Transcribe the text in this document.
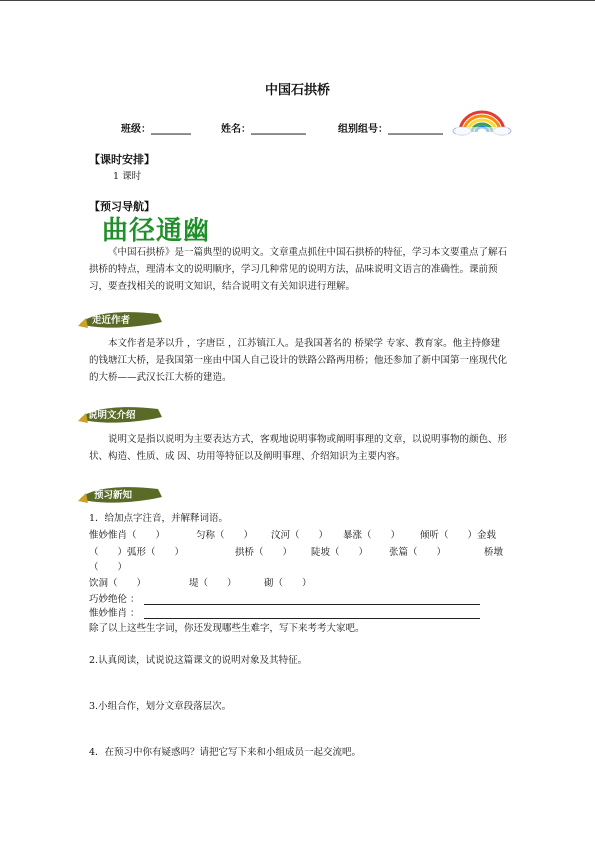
中国石拱桥
班级：________	姓名：___________	组别组号：___________
【课时安排】
1 课时
【预习导航】
曲径通幽
《中国石拱桥》是一篇典型的说明文。文章重点抓住中国石拱桥的特征，学习本文要重点了解石拱桥的特点，理清本文的说明顺序，学习几种常见的说明方法，品味说明文语言的准确性。课前预习，要查找相关的说明文知识，结合说明文有关知识进行理解。
走近作者
本文作者是茅以升 ，字唐臣 ，江苏镇江人。是我国著名的 桥梁学 专家、教育家。他主持修建的钱塘江大桥，是我国第一座由中国人自己设计的铁路公路两用桥；他还参加了新中国第一座现代化的大桥——武汉长江大桥的建造。
说明文介绍
说明文是指以说明为主要表达方式，客观地说明事物或阐明事理的文章，以说明事物的颜色、形状、构造、性质、成 因、功用等特征以及阐明事理、介绍知识为主要内容。
预习新知
1．给加点字注音，并解释词语。
惟妙惟肖（　　）	匀称（　　） 汶河（　　） 暴涨（　　） 倾听（　　）金载
（　　）弧形（　　）	拱桥（　　） 陡坡（　　） 张篇（　　）	桥墩
（　　）
饮洞（　　）	堤（　　）	砌（　　）
巧妙绝伦 ：
惟妙惟肖 ：
除了以上这些生字词，你还发现哪些生难字，写下来考考大家吧。
2.认真阅读，试说说这篇课文的说明对象及其特征。
3.小组合作，划分文章段落层次。
4．在预习中你有疑惑吗？请把它写下来和小组成员一起交流吧。
